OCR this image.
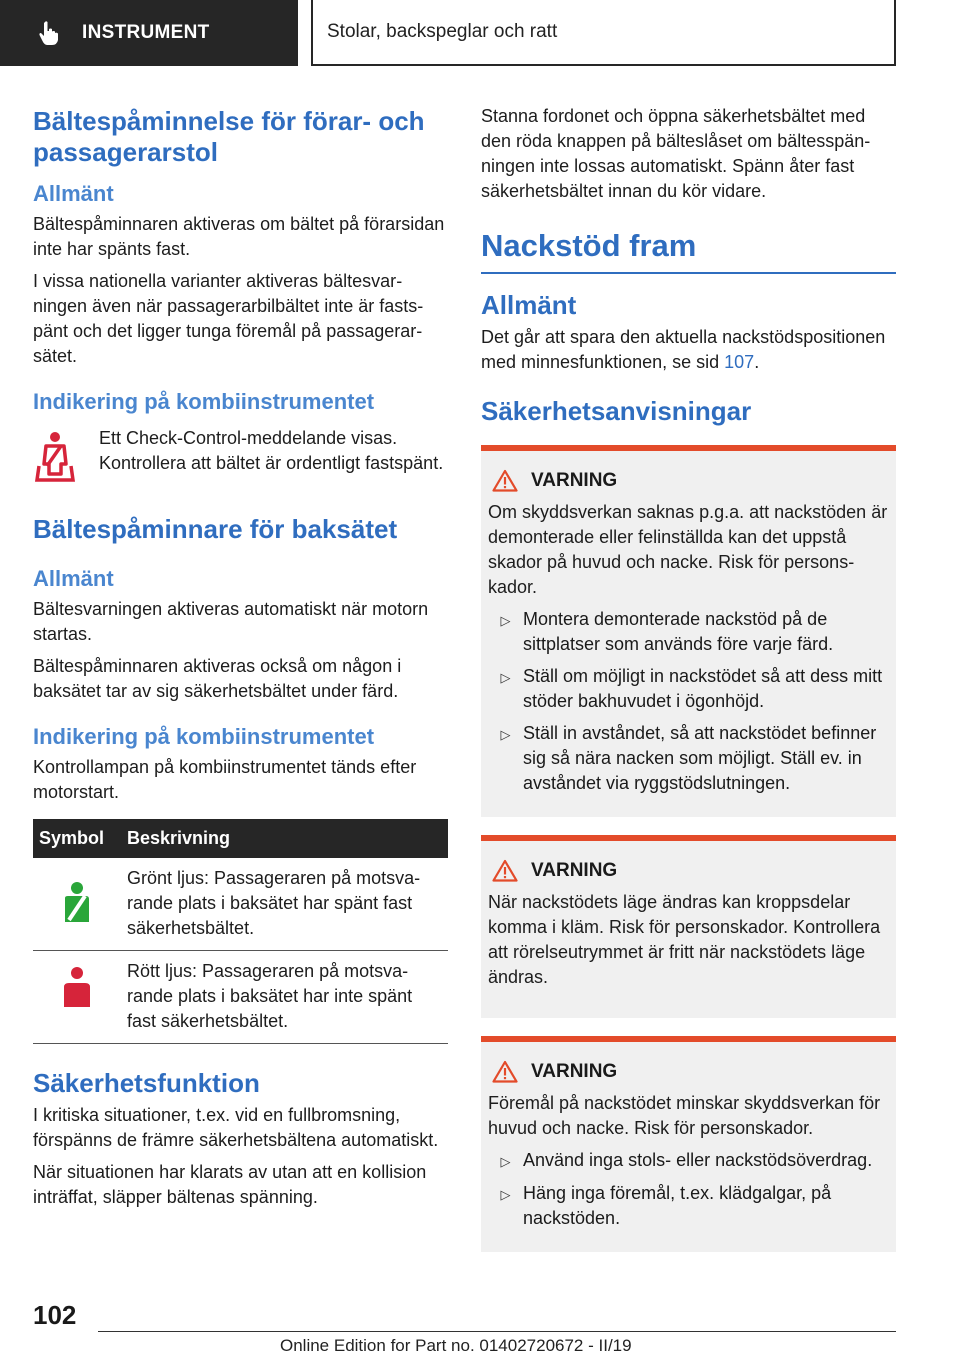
INSTRUMENT	Stolar, backspeglar och ratt
Bältespåminnelse för förar- och passagerarstol
Allmänt

Bältespåminnaren aktiveras om bältet på förarsidan inte har spänts fast.

I vissa nationella varianter aktiveras bältesvarningen även när passagerarbilbältet inte är fastspänt och det ligger tunga föremål på passagerarsätet.

Indikering på kombiinstrumentet

Ett Check-Control-meddelande visas. Kontrollera att bältet är ordentligt fastspänt.

Bältespåminnare för baksätet
Allmänt

Bältesvarningen aktiveras automatiskt när motorn startas.

Bältespåminnaren aktiveras också om någon i baksätet tar av sig säkerhetsbältet under färd.

Indikering på kombiinstrumentet

Kontrollampan på kombiinstrumentet tänds efter motorstart.

Symbol	Beskrivning

Grönt ljus: Passageraren på motsvarande plats i baksätet har spänt fast säkerhetsbältet.

Rött ljus: Passageraren på motsvarande plats i baksätet har inte spänt fast säkerhetsbältet.

Säkerhetsfunktion

I kritiska situationer, t.ex. vid en fullbromsning, förspänns de främre säkerhetsbältena automatiskt.

När situationen har klarats av utan att en kollision inträffat, släpper bältenas spänning.

Stanna fordonet och öppna säkerhetsbältet med den röda knappen på bälteslåset om bältesspänningen inte lossas automatiskt. Spänn åter fast säkerhetsbältet innan du kör vidare.

Nackstöd fram
Allmänt

Det går att spara den aktuella nackstödspositionen med minnesfunktionen, se sid 107.

Säkerhetsanvisningar
VARNING

Om skyddsverkan saknas p.g.a. att nackstöden är demonterade eller felinställda kan det uppstå skador på huvud och nacke. Risk för personskador.

▷ Montera demonterade nackstöd på de sittplatser som används före varje färd.
▷ Ställ om möjligt in nackstödet så att dess mitt stöder bakhuvudet i ögonhöjd.
▷ Ställ in avståndet, så att nackstödet befinner sig så nära nacken som möjligt. Ställ ev. in avståndet via ryggstödslutningen.
VARNING

När nackstödets läge ändras kan kroppsdelar komma i kläm. Risk för personskador. Kontrollera att rörelseutrymmet är fritt när nackstödets läge ändras.

VARNING

Föremål på nackstödet minskar skyddsverkan för huvud och nacke. Risk för personskador.

▷ Använd inga stols- eller nackstödsöverdrag.
▷ Häng inga föremål, t.ex. klädgalgar, på nackstöden.
102
Online Edition for Part no. 01402720672 - II/19
